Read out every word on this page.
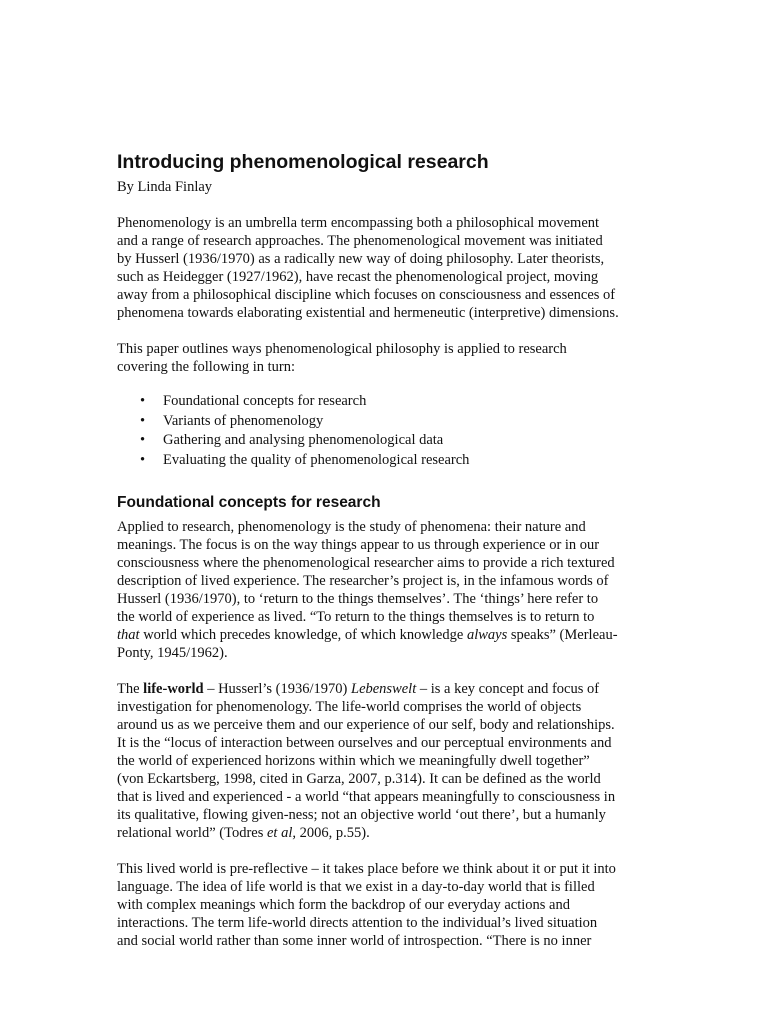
Introducing phenomenological research

By Linda Finlay

Phenomenology is an umbrella term encompassing both a philosophical movement
and a range of research approaches. The phenomenological movement was initiated
by Husserl (1936/1970) as a radically new way of doing philosophy. Later theorists,
such as Heidegger (1927/1962), have recast the phenomenological project, moving
away from a philosophical discipline which focuses on consciousness and essences of
phenomena towards elaborating existential and hermeneutic (interpretive) dimensions.

This paper outlines ways phenomenological philosophy is applied to research
covering the following in turn:

• Foundational concepts for research
• Variants of phenomenology
• Gathering and analysing phenomenological data
• Evaluating the quality of phenomenological research
Foundational concepts for research

Applied to research, phenomenology is the study of phenomena: their nature and
meanings. The focus is on the way things appear to us through experience or in our
consciousness where the phenomenological researcher aims to provide a rich textured
description of lived experience. The researcher’s project is, in the infamous words of
Husserl (1936/1970), to ‘return to the things themselves’. The ‘things’ here refer to
the world of experience as lived. “To return to the things themselves is to return to
that world which precedes knowledge, of which knowledge always speaks” (Merleau-
Ponty, 1945/1962).

The life-world – Husserl’s (1936/1970) Lebenswelt – is a key concept and focus of
investigation for phenomenology. The life-world comprises the world of objects
around us as we perceive them and our experience of our self, body and relationships.
It is the “locus of interaction between ourselves and our perceptual environments and
the world of experienced horizons within which we meaningfully dwell together”
(von Eckartsberg, 1998, cited in Garza, 2007, p.314). It can be defined as the world
that is lived and experienced - a world “that appears meaningfully to consciousness in
its qualitative, flowing given-ness; not an objective world ‘out there’, but a humanly
relational world” (Todres et al, 2006, p.55).

This lived world is pre-reflective – it takes place before we think about it or put it into
language. The idea of life world is that we exist in a day-to-day world that is filled
with complex meanings which form the backdrop of our everyday actions and
interactions. The term life-world directs attention to the individual’s lived situation
and social world rather than some inner world of introspection. “There is no inner
